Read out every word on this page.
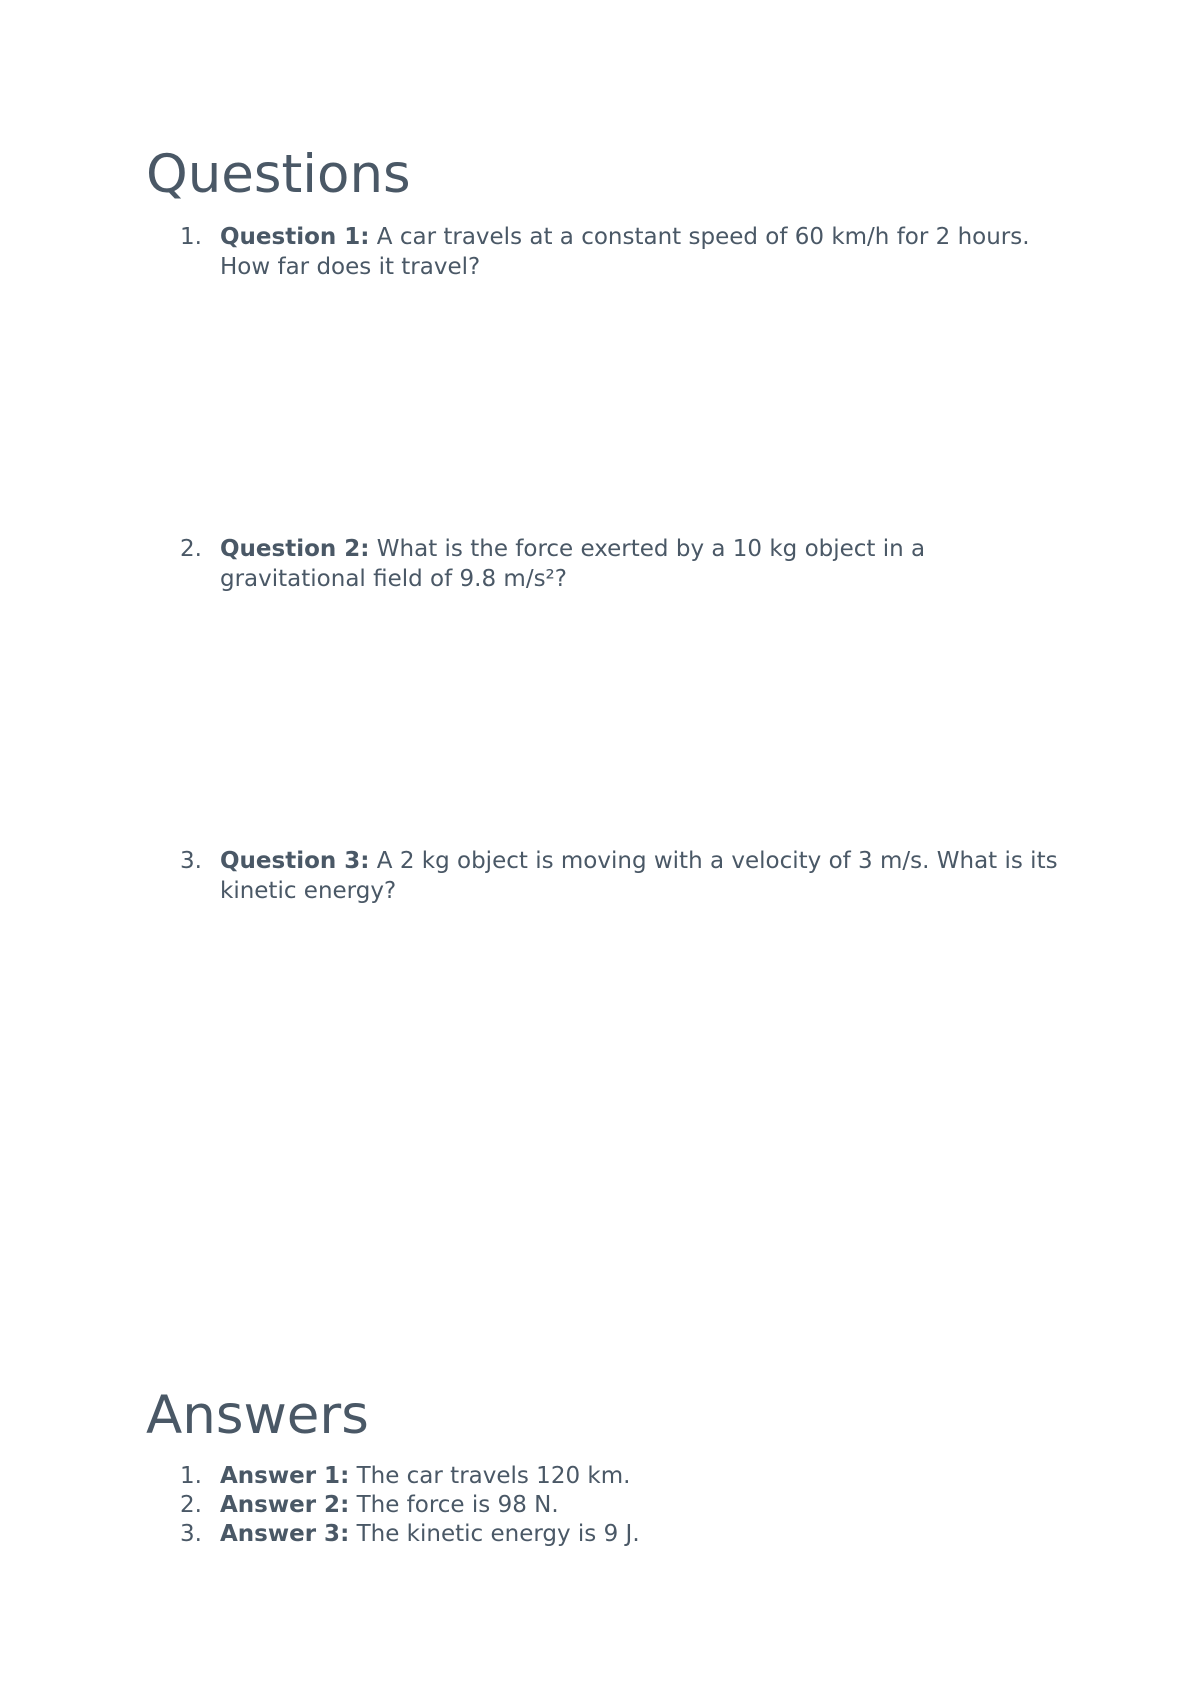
Questions
1. Question 1: A car travels at a constant speed of 60 km/h for 2 hours. How far does it travel?
2. Question 2: What is the force exerted by a 10 kg object in a gravitational field of 9.8 m/s²?
3. Question 3: A 2 kg object is moving with a velocity of 3 m/s. What is its kinetic energy?
Answers
1. Answer 1: The car travels 120 km.
2. Answer 2: The force is 98 N.
3. Answer 3: The kinetic energy is 9 J.
